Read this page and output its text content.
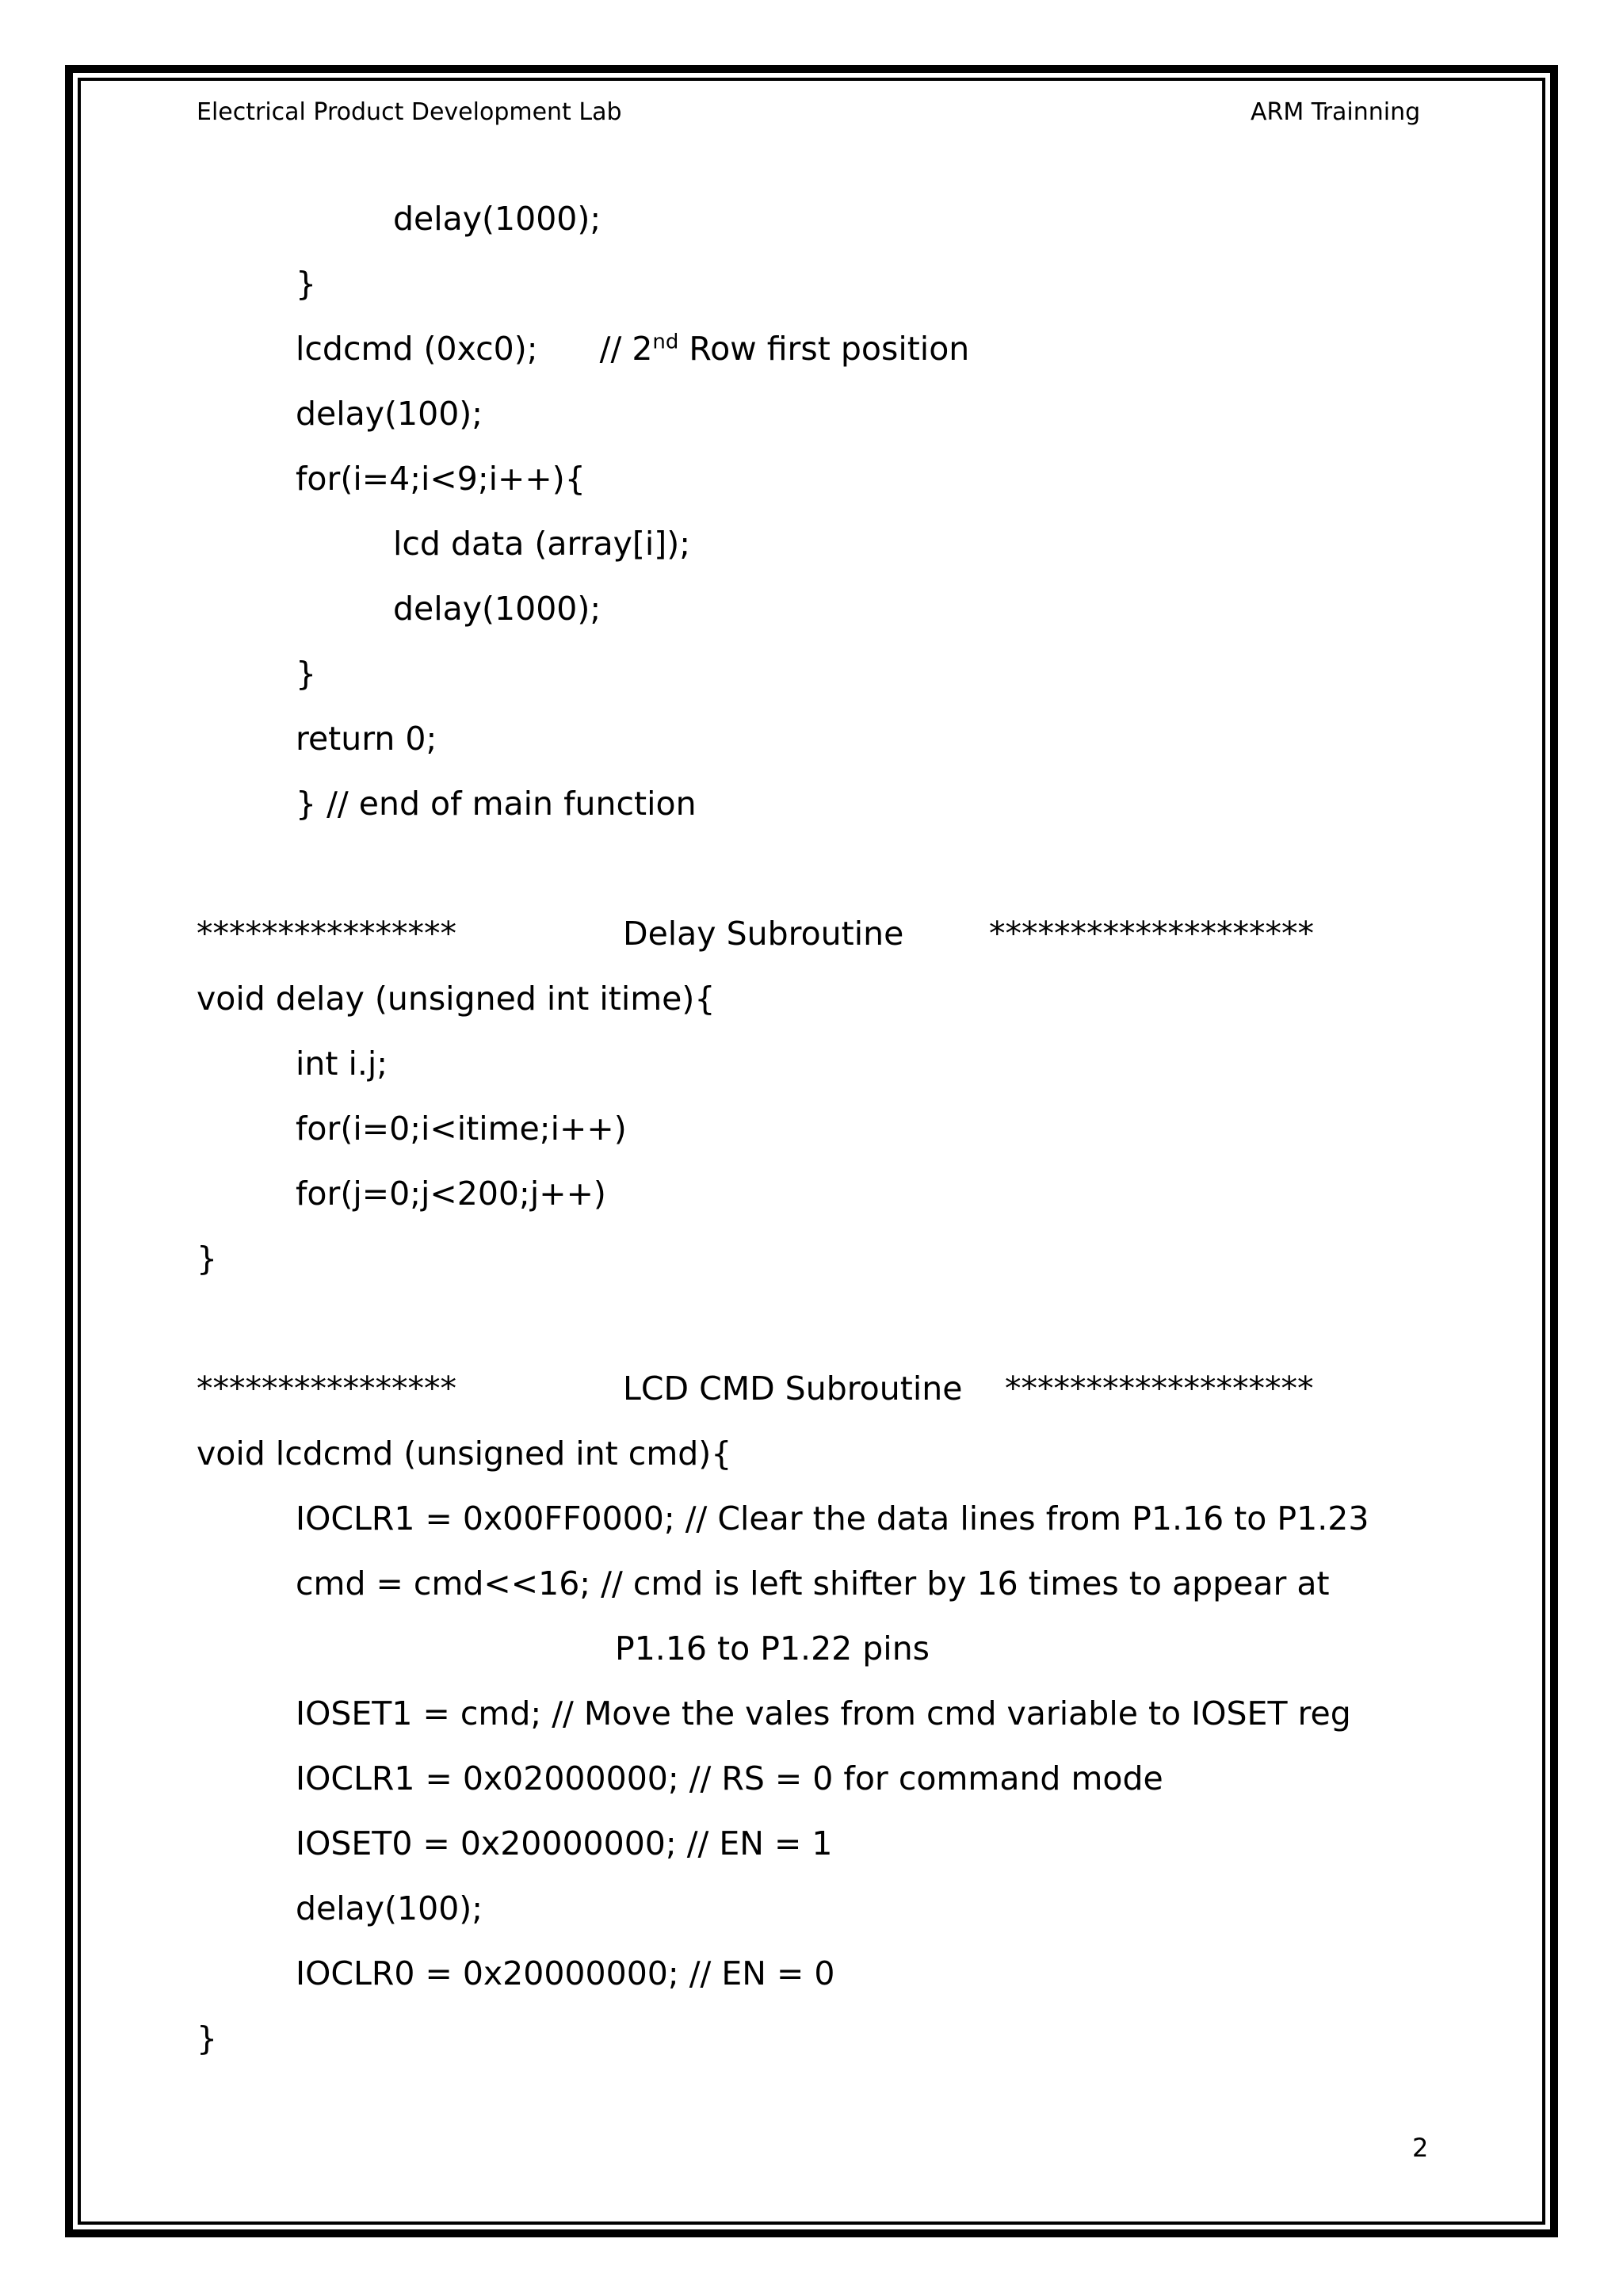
Electrical Product Development Lab	ARM Trainning
delay(1000);
}
lcdcmd (0xc0); // 2nd Row first position
delay(100);
for(i=4;i<9;i++){
lcd data (array[i]);
delay(1000);
}
return 0;
} // end of main function
****************	Delay Subroutine	********************
void delay (unsigned int itime){
int i.j;
for(i=0;i<itime;i++)
for(j=0;j<200;j++)
}
****************	LCD CMD Subroutine *******************
void lcdcmd (unsigned int cmd){
IOCLR1 = 0x00FF0000; // Clear the data lines from P1.16 to P1.23
cmd = cmd<<16; // cmd is left shifter by 16 times to appear at
P1.16 to P1.22 pins
IOSET1 = cmd; // Move the vales from cmd variable to IOSET reg
IOCLR1 = 0x02000000; // RS = 0 for command mode
IOSET0 = 0x20000000; // EN = 1
delay(100);
IOCLR0 = 0x20000000; // EN = 0
}
2
